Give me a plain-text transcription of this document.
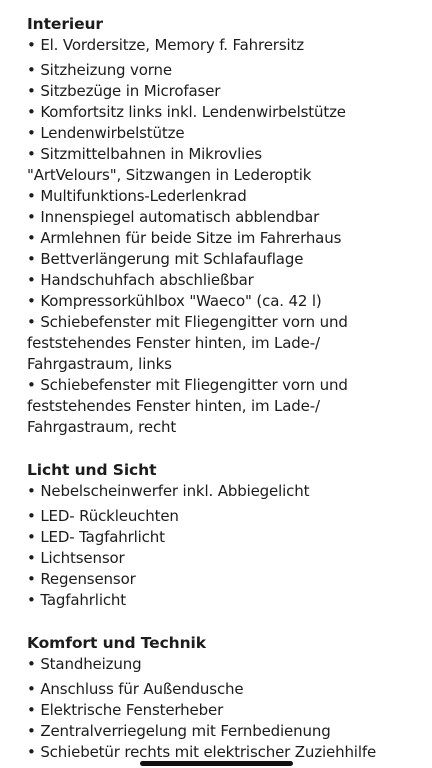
Interieur

• El. Vordersitze, Memory f. Fahrersitz

• Sitzheizung vorne

• Sitzbezüge in Microfaser

• Komfortsitz links inkl. Lendenwirbelstütze

• Lendenwirbelstütze

• Sitzmittelbahnen in Mikrovlies "ArtVelours", Sitzwangen in Lederoptik

• Multifunktions-Lederlenkrad

• Innenspiegel automatisch abblendbar

• Armlehnen für beide Sitze im Fahrerhaus

• Bettverlängerung mit Schlafauflage

• Handschuhfach abschließbar

• Kompressorkühlbox "Waeco" (ca. 42 l)

• Schiebefenster mit Fliegengitter vorn und feststehendes Fenster hinten, im Lade-/ Fahrgastraum, links

• Schiebefenster mit Fliegengitter vorn und feststehendes Fenster hinten, im Lade-/ Fahrgastraum, recht

Licht und Sicht

• Nebelscheinwerfer inkl. Abbiegelicht

• LED- Rückleuchten

• LED- Tagfahrlicht

• Lichtsensor

• Regensensor

• Tagfahrlicht

Komfort und Technik

• Standheizung

• Anschluss für Außendusche

• Elektrische Fensterheber

• Zentralverriegelung mit Fernbedienung

• Schiebetür rechts mit elektrischer Zuziehhilfe
